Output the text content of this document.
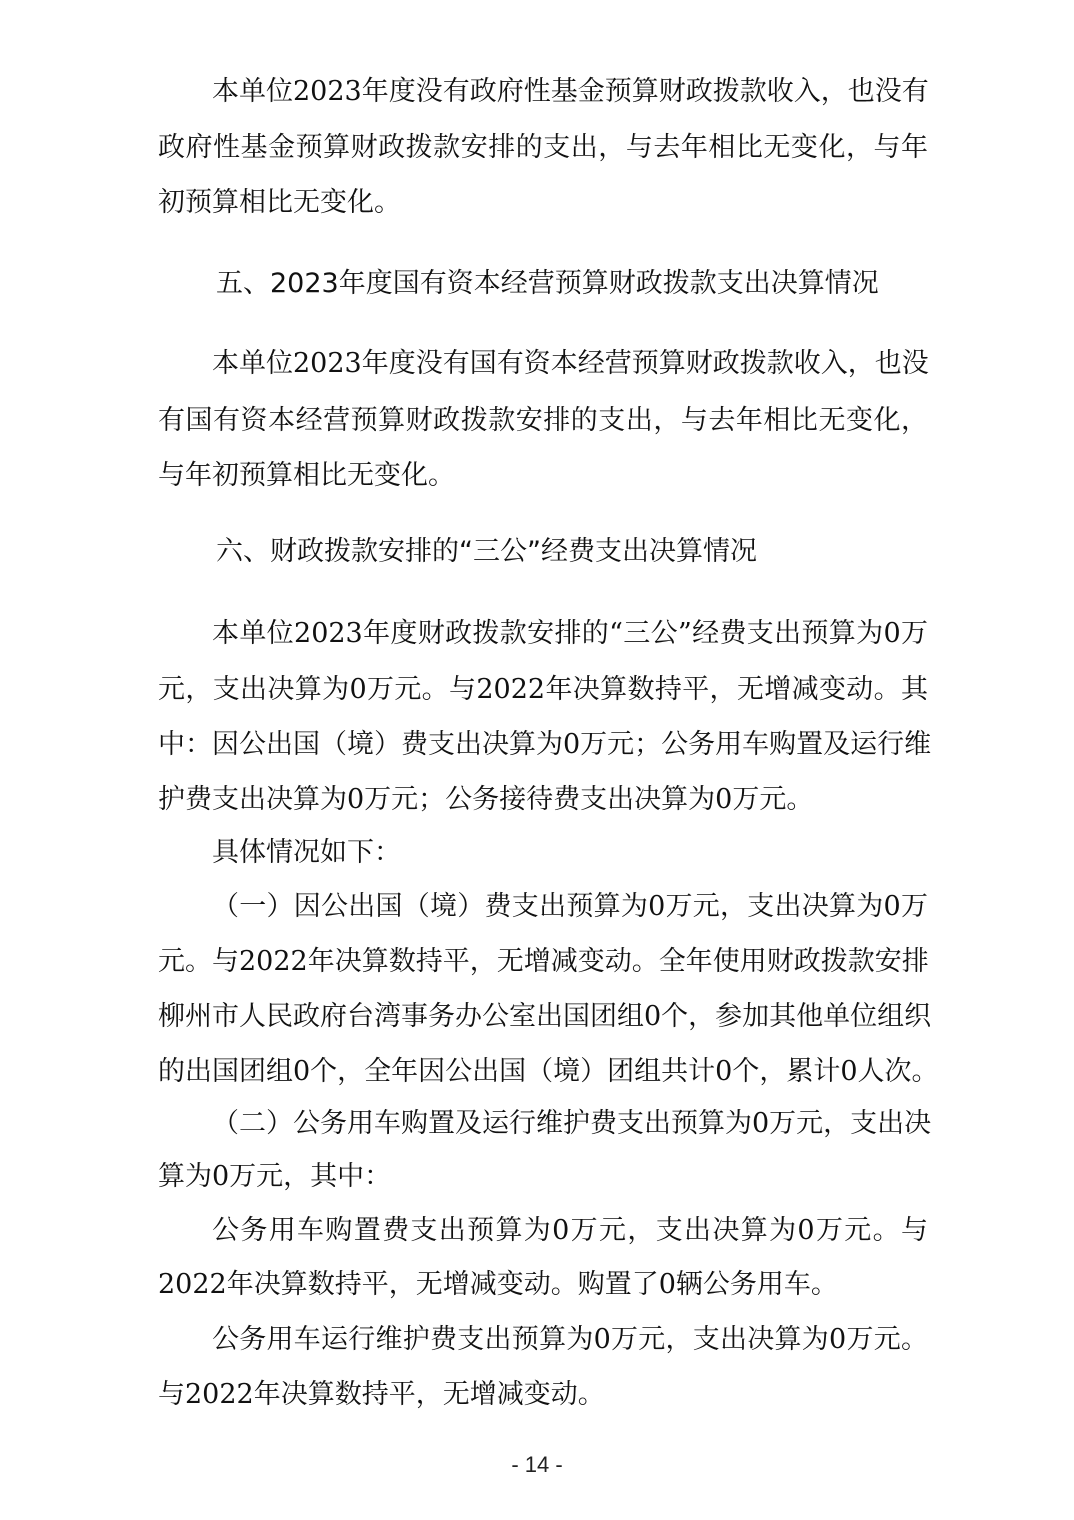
本单位2023年度没有政府性基金预算财政拨款收入，也没有
政府性基金预算财政拨款安排的支出，与去年相比无变化，与年
初预算相比无变化。
五、2023年度国有资本经营预算财政拨款支出决算情况
本单位2023年度没有国有资本经营预算财政拨款收入，也没
有国有资本经营预算财政拨款安排的支出，与去年相比无变化，
与年初预算相比无变化。
六、财政拨款安排的“三公”经费支出决算情况
本单位2023年度财政拨款安排的“三公”经费支出预算为0万
元，支出决算为0万元。与2022年决算数持平，无增减变动。其
中：因公出国（境）费支出决算为0万元；公务用车购置及运行维
护费支出决算为0万元；公务接待费支出决算为0万元。
具体情况如下：
（一）因公出国（境）费支出预算为0万元，支出决算为0万
元。与2022年决算数持平，无增减变动。全年使用财政拨款安排
柳州市人民政府台湾事务办公室出国团组0个，参加其他单位组织
的出国团组0个，全年因公出国（境）团组共计0个，累计0人次。
（二）公务用车购置及运行维护费支出预算为0万元，支出决
算为0万元，其中：
公务用车购置费支出预算为0万元，支出决算为0万元。与
2022年决算数持平，无增减变动。购置了0辆公务用车。
公务用车运行维护费支出预算为0万元，支出决算为0万元。
与2022年决算数持平，无增减变动。
- 14 -
